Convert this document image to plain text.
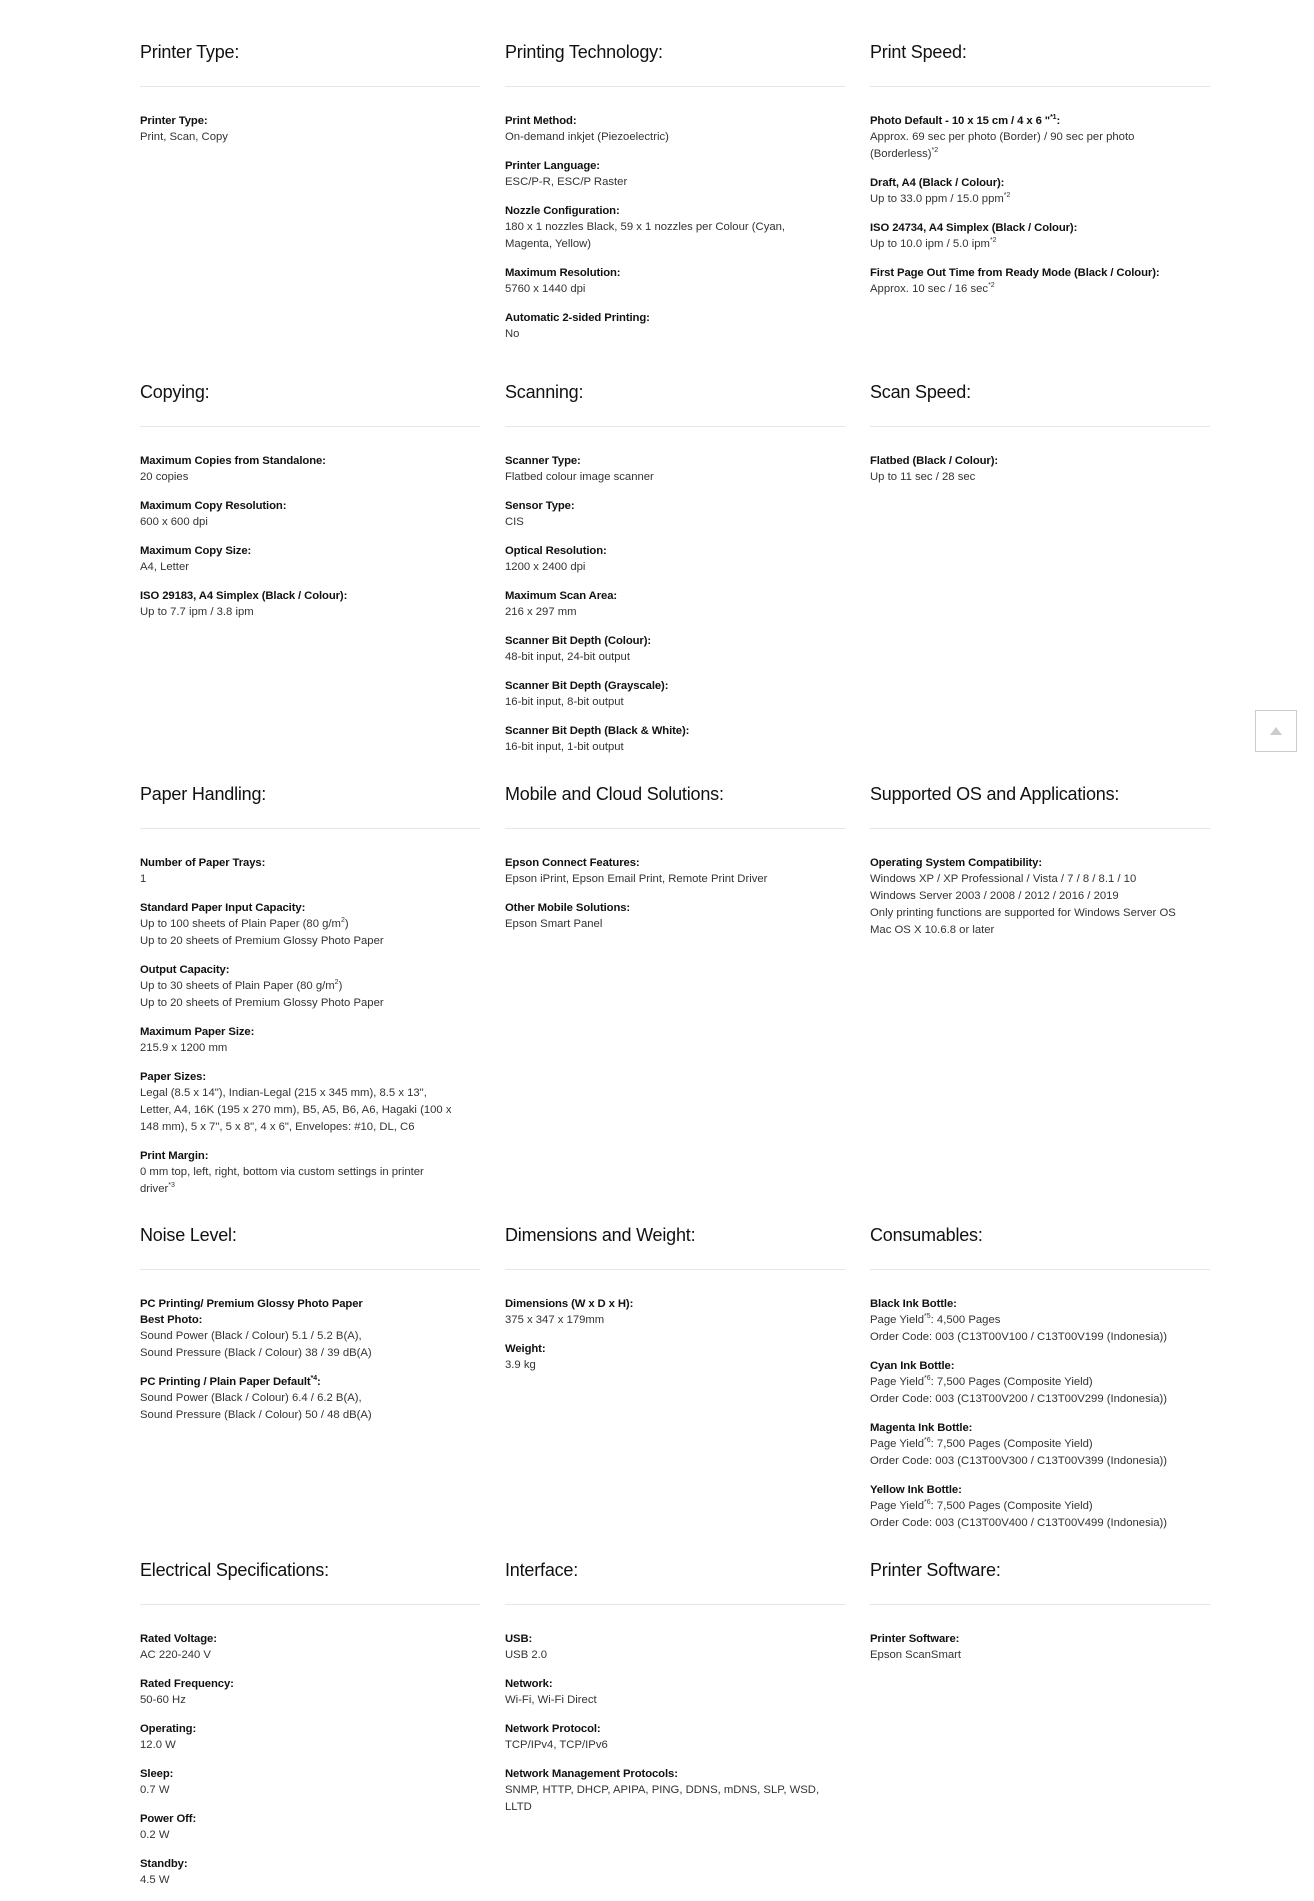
Printer Type:
Printer Type:
Print, Scan, Copy
Printing Technology:
Print Method:
On-demand inkjet (Piezoelectric)
Printer Language:
ESC/P-R, ESC/P Raster
Nozzle Configuration:
180 x 1 nozzles Black, 59 x 1 nozzles per Colour (Cyan,
Magenta, Yellow)
Maximum Resolution:
5760 x 1440 dpi
Automatic 2-sided Printing:
No
Print Speed:
Photo Default - 10 x 15 cm / 4 x 6 "$^{*1}$:
Approx. 69 sec per photo (Border) / 90 sec per photo
(Borderless)$^{*2}$
Draft, A4 (Black / Colour):
Up to 33.0 ppm / 15.0 ppm$^{*2}$
ISO 24734, A4 Simplex (Black / Colour):
Up to 10.0 ipm / 5.0 ipm$^{*2}$
First Page Out Time from Ready Mode (Black / Colour):
Approx. 10 sec / 16 $\sec^{*2}$
Copying:
Maximum Copies from Standalone:
20 copies
Maximum Copy Resolution:
600 x 600 dpi
Maximum Copy Size:
A4, Letter
ISO 29183, A4 Simplex (Black / Colour):
Up to 7.7 ipm / 3.8 ipm
Scanning:
Scanner Type:
Flatbed colour image scanner
Sensor Type:
CIS
Optical Resolution:
1200 x 2400 dpi
Maximum Scan Area:
216 x 297 mm
Scanner Bit Depth (Colour):
48-bit input, 24-bit output
Scanner Bit Depth (Grayscale):
16-bit input, 8-bit output
Scanner Bit Depth (Black & White):
16-bit input, 1-bit output
Scan Speed:
Flatbed (Black / Colour):
Up to 11 sec / 28 sec
Paper Handling:
Number of Paper Trays:
1
Standard Paper Input Capacity:
Up to 100 sheets of Plain Paper (80 $g/m^2$)
Up to 20 sheets of Premium Glossy Photo Paper
Output Capacity:
Up to 30 sheets of Plain Paper (80 $g/m^2$)
Up to 20 sheets of Premium Glossy Photo Paper
Maximum Paper Size:
215.9 x 1200 mm
Paper Sizes:
Legal (8.5 x 14"), Indian-Legal (215 x 345 mm), 8.5 x 13",
Letter, A4, 16K (195 x 270 mm), B5, A5, B6, A6, Hagaki (100 x
148 mm), 5 x 7", 5 x 8", 4 x 6", Envelopes: #10, DL, C6
Print Margin:
0 mm top, left, right, bottom via custom settings in printer
driver$^{*3}$
Mobile and Cloud Solutions:
Epson Connect Features:
Epson iPrint, Epson Email Print, Remote Print Driver
Other Mobile Solutions:
Epson Smart Panel
Supported OS and Applications:
Operating System Compatibility:
Windows XP / XP Professional / Vista / 7 / 8 / 8.1 / 10
Windows Server 2003 / 2008 / 2012 / 2016 / 2019
Only printing functions are supported for Windows Server OS
Mac OS X 10.6.8 or later
Noise Level:
PC Printing/ Premium Glossy Photo Paper
Best Photo:
Sound Power (Black / Colour) 5.1 / 5.2 B(A),
Sound Pressure (Black / Colour) 38 / 39 dB(A)
PC Printing / Plain Paper Default$^{*4}$:
Sound Power (Black / Colour) 6.4 / 6.2 B(A),
Sound Pressure (Black / Colour) 50 / 48 dB(A)
Dimensions and Weight:
Dimensions (W x D x H):
375 x 347 x 179mm
Weight:
3.9 kg
Consumables:
Black Ink Bottle:
Page Yield$^{*5}$: 4,500 Pages
Order Code: 003 (C13T00V100 / C13T00V199 (Indonesia))
Cyan Ink Bottle:
Page Yield$^{*6}$: 7,500 Pages (Composite Yield)
Order Code: 003 (C13T00V200 / C13T00V299 (Indonesia))
Magenta Ink Bottle:
Page Yield$^{*6}$: 7,500 Pages (Composite Yield)
Order Code: 003 (C13T00V300 / C13T00V399 (Indonesia))
Yellow Ink Bottle:
Page Yield$^{*6}$: 7,500 Pages (Composite Yield)
Order Code: 003 (C13T00V400 / C13T00V499 (Indonesia))
Electrical Specifications:
Rated Voltage:
AC 220-240 V
Rated Frequency:
50-60 Hz
Operating:
12.0 W
Sleep:
0.7 W
Power Off:
0.2 W
Standby:
4.5 W
Interface:
USB:
USB 2.0
Network:
Wi-Fi, Wi-Fi Direct
Network Protocol:
TCP/IPv4, TCP/IPv6
Network Management Protocols:
SNMP, HTTP, DHCP, APIPA, PING, DDNS, mDNS, SLP, WSD,
LLTD
Printer Software:
Printer Software:
Epson ScanSmart
